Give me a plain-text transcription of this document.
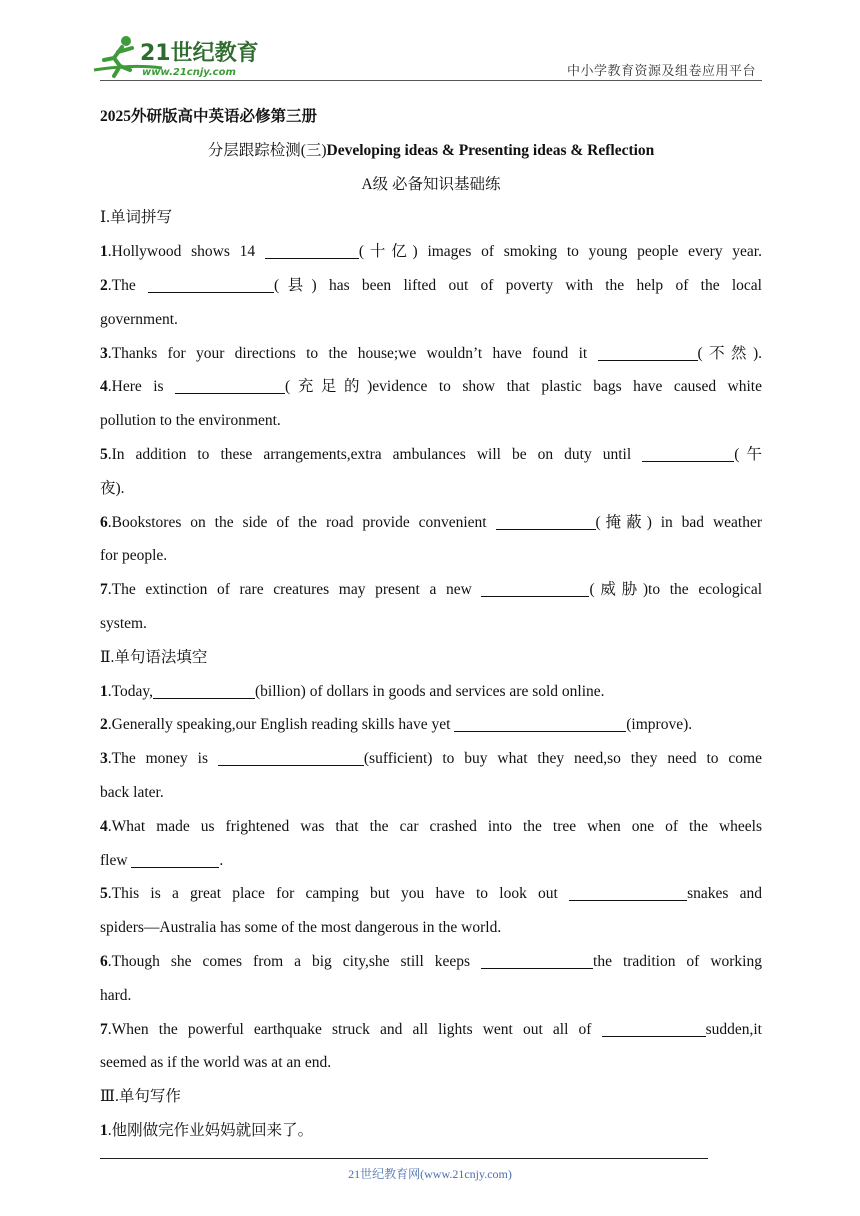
21世纪教育
www.21cnjy.com	中小学教育资源及组卷应用平台
2025外研版高中英语必修第三册
分层跟踪检测(三)Developing ideas & Presenting ideas & Reflection
A级 必备知识基础练
Ⅰ.单词拼写
1.Hollywood shows 14	(十亿) images of smoking to young people every year.
2.The	(县) has been lifted out of poverty with the help of the local
government.
3.Thanks for your directions to the house;we wouldn’t have found it	(不然).
4.Here is	(充足的)evidence to show that plastic bags have caused white
pollution to the environment.
5.In addition to these arrangements,extra ambulances will be on duty until	(午
夜).
6.Bookstores on the side of the road provide convenient	(掩蔽) in bad weather
for people.
7.The extinction of rare creatures may present a new	(威胁)to the ecological
system.
Ⅱ.单句语法填空
1.Today,	(billion) of dollars in goods and services are sold online.
2.Generally speaking,our English reading skills have yet	(improve).
3.The money is	(sufficient) to buy what they need,so they need to come
back later.
4.What made us frightened was that the car crashed into the tree when one of the wheels
flew	.
5.This is a great place for camping but you have to look out	snakes and
spiders—Australia has some of the most dangerous in the world.
6.Though she comes from a big city,she still keeps	the tradition of working
hard.
7.When the powerful earthquake struck and all lights went out all of	sudden,it
seemed as if the world was at an end.
Ⅲ.单句写作
1.他刚做完作业妈妈就回来了。
21世纪教育网(www.21cnjy.com)
